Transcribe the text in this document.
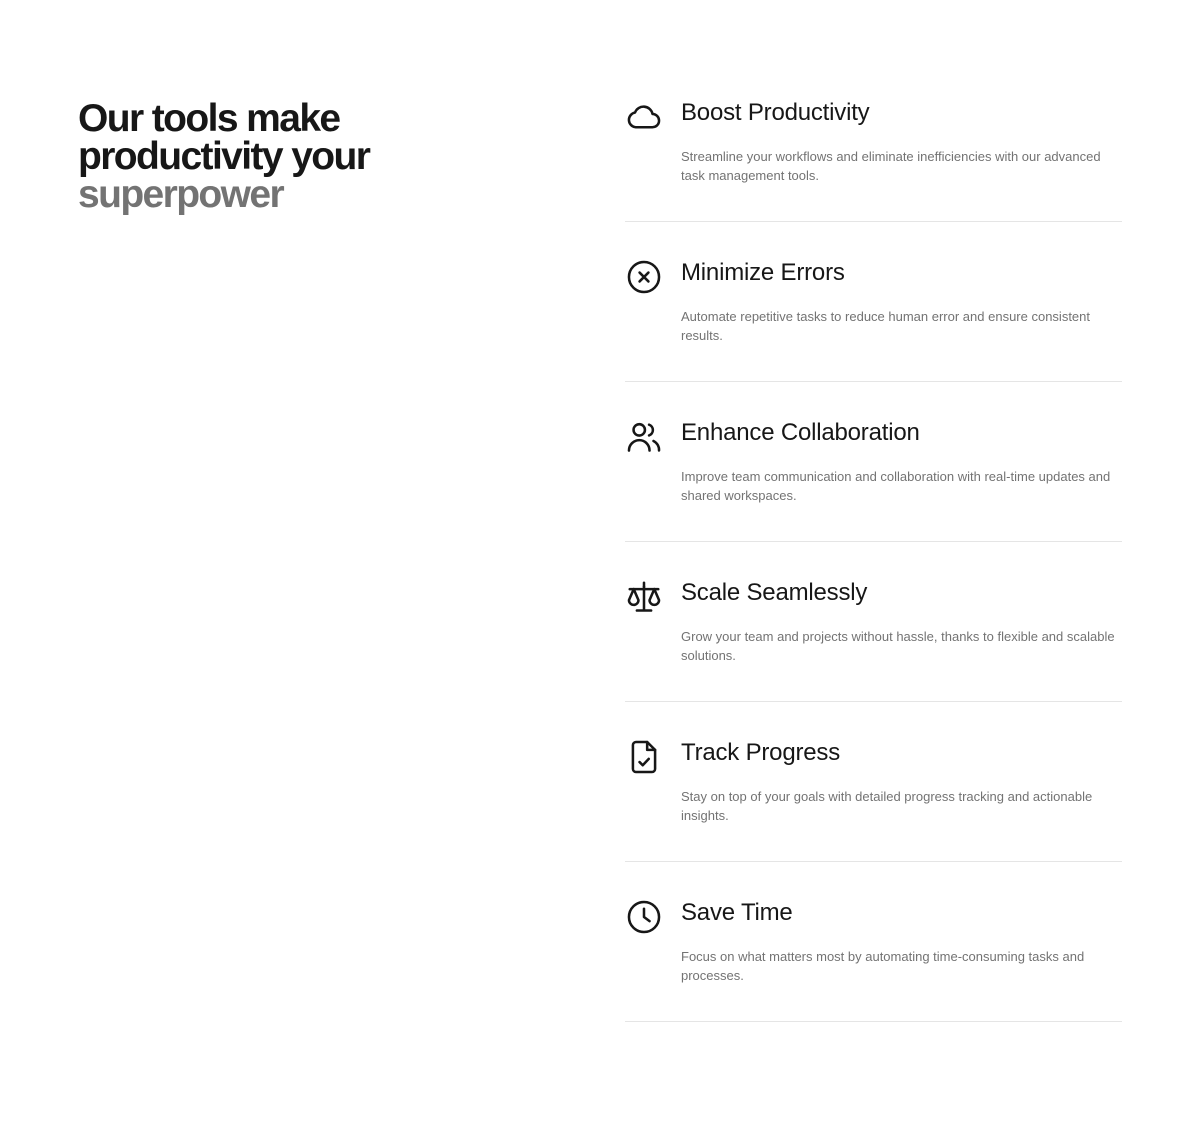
Our tools make
productivity your
superpower
Boost Productivity

Streamline your workflows and eliminate inefficiencies with our advanced task management tools.

Minimize Errors

Automate repetitive tasks to reduce human error and ensure consistent results.

Enhance Collaboration

Improve team communication and collaboration with real-time updates and shared workspaces.

Scale Seamlessly

Grow your team and projects without hassle, thanks to flexible and scalable solutions.

Track Progress

Stay on top of your goals with detailed progress tracking and actionable insights.

Save Time

Focus on what matters most by automating time-consuming tasks and processes.
